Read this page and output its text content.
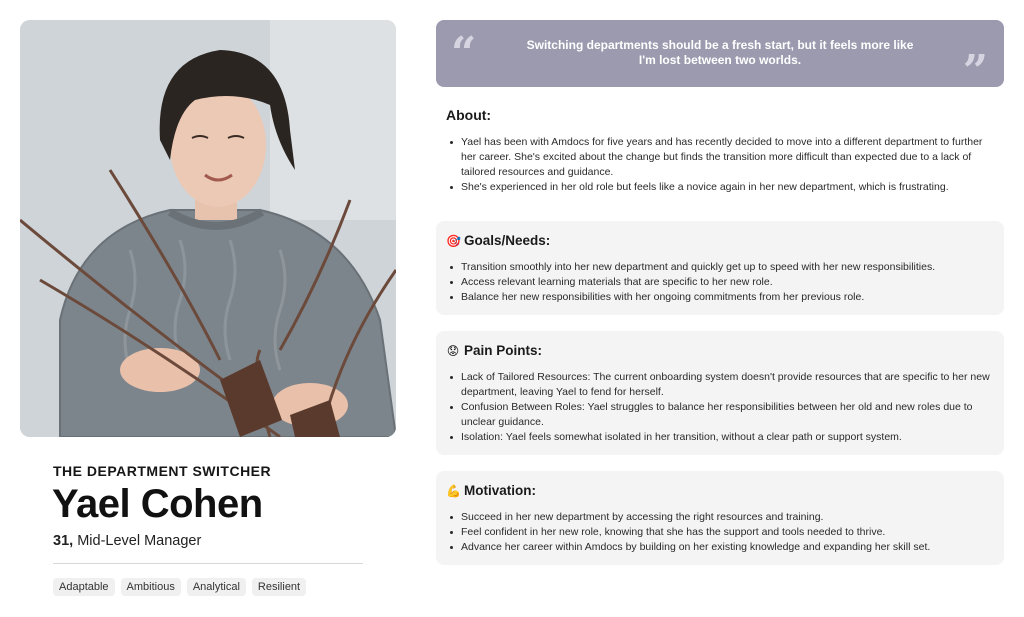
THE DEPARTMENT SWITCHER
Yael Cohen
31, Mid-Level Manager
Adaptable	Ambitious	Analytical	Resilient
“	Switching departments should be a fresh start, but it feels more like I'm lost between two worlds.	”
About:
Yael has been with Amdocs for five years and has recently decided to move into a different department to further her career. She's excited about the change but finds the transition more difficult than expected due to a lack of tailored resources and guidance.
She's experienced in her old role but feels like a novice again in her new department, which is frustrating.
🎯 Goals/Needs:
Transition smoothly into her new department and quickly get up to speed with her new responsibilities.
Access relevant learning materials that are specific to her new role.
Balance her new responsibilities with her ongoing commitments from her previous role.
😟 Pain Points:
Lack of Tailored Resources: The current onboarding system doesn't provide resources that are specific to her new department, leaving Yael to fend for herself.
Confusion Between Roles: Yael struggles to balance her responsibilities between her old and new roles due to unclear guidance.
Isolation: Yael feels somewhat isolated in her transition, without a clear path or support system.
💪 Motivation:
Succeed in her new department by accessing the right resources and training.
Feel confident in her new role, knowing that she has the support and tools needed to thrive.
Advance her career within Amdocs by building on her existing knowledge and expanding her skill set.
